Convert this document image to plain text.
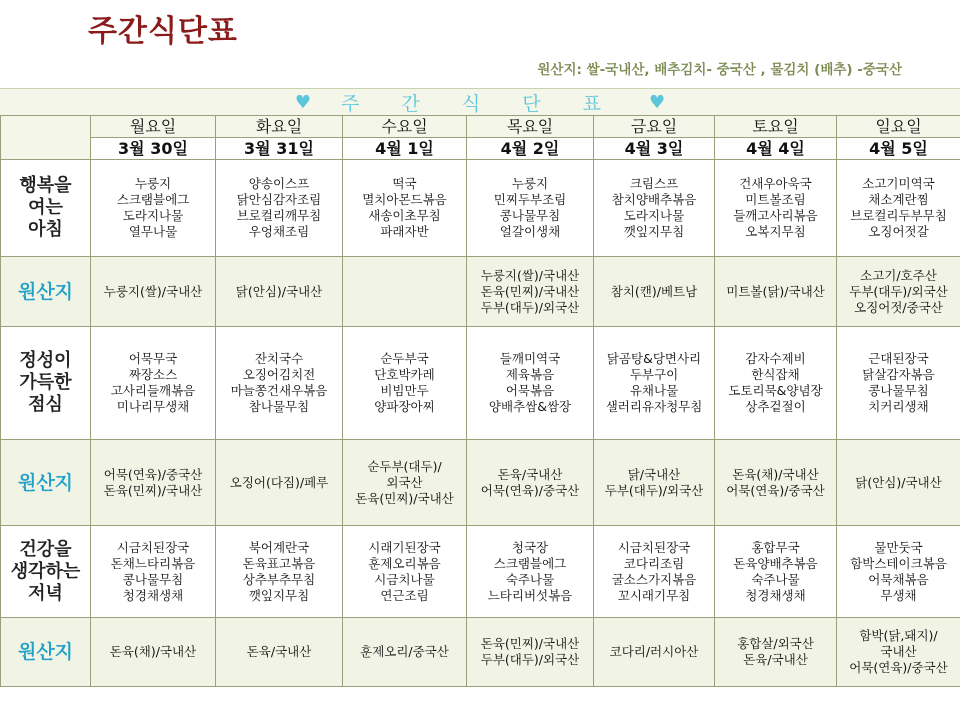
주간식단표
원산지: 쌀-국내산, 배추김치- 중국산 , 물김치 (배추) -중국산
♥ 주 간 식 단 표 ♥
	월요일	화요일	수요일	목요일	금요일	토요일	일요일
	3월 30일	3월 31일	4월 1일	4월 2일	4월 3일	4월 4일	4월 5일

행복을
여는
아침	누룽지
스크램블에그
도라지나물
열무나물	양송이스프
닭안심감자조림
브로컬리깨무침
우엉채조림	떡국
멸치아몬드볶음
새송이초무침
파래자반	누룽지
민찌두부조림
콩나물무침
얼갈이생채	크림스프
참치양배추볶음
도라지나물
깻잎지무침	건새우아욱국
미트볼조림
들깨고사리볶음
오복지무침	소고기미역국
채소계란찜
브로컬리두부무침
오징어젓갈

원산지	누룽지(쌀)/국내산	닭(안심)/국내산		누룽지(쌀)/국내산
돈육(민찌)/국내산
두부(대두)/외국산	참치(캔)/베트남	미트볼(닭)/국내산	소고기/호주산
두부(대두)/외국산
오징어젓/중국산

정성이
가득한
점심	어묵무국
짜장소스
고사리들깨볶음
미나리무생채	잔치국수
오징어김치전
마늘쫑건새우볶음
참나물무침	순두부국
단호박카레
비빔만두
양파장아찌	들깨미역국
제육볶음
어묵볶음
양배추쌈&쌈장	닭곰탕&당면사리
두부구이
유채나물
샐러리유자청무침	감자수제비
한식잡채
도토리묵&양념장
상추겉절이	근대된장국
닭살감자볶음
콩나물무침
치커리생채

원산지	어묵(연육)/중국산
돈육(민찌)/국내산	오징어(다짐)/페루	순두부(대두)/
외국산
돈육(민찌)/국내산	돈육/국내산
어묵(연육)/중국산	닭/국내산
두부(대두)/외국산	돈육(채)/국내산
어묵(연육)/중국산	닭(안심)/국내산

건강을
생각하는
저녁	시금치된장국
돈채느타리볶음
콩나물무침
청경채생채	북어계란국
돈육표고볶음
상추부추무침
깻잎지무침	시래기된장국
훈제오리볶음
시금치나물
연근조림	청국장
스크램블에그
숙주나물
느타리버섯볶음	시금치된장국
코다리조림
굴소스가지볶음
꼬시래기무침	홍합무국
돈육양배추볶음
숙주나물
청경채생채	물만둣국
함박스테이크볶음
어묵채볶음
무생채

원산지	돈육(채)/국내산	돈육/국내산	훈제오리/중국산	돈육(민찌)/국내산
두부(대두)/외국산	코다리/러시아산	홍합살/외국산
돈육/국내산	함박(닭,돼지)/
국내산
어묵(연육)/중국산
